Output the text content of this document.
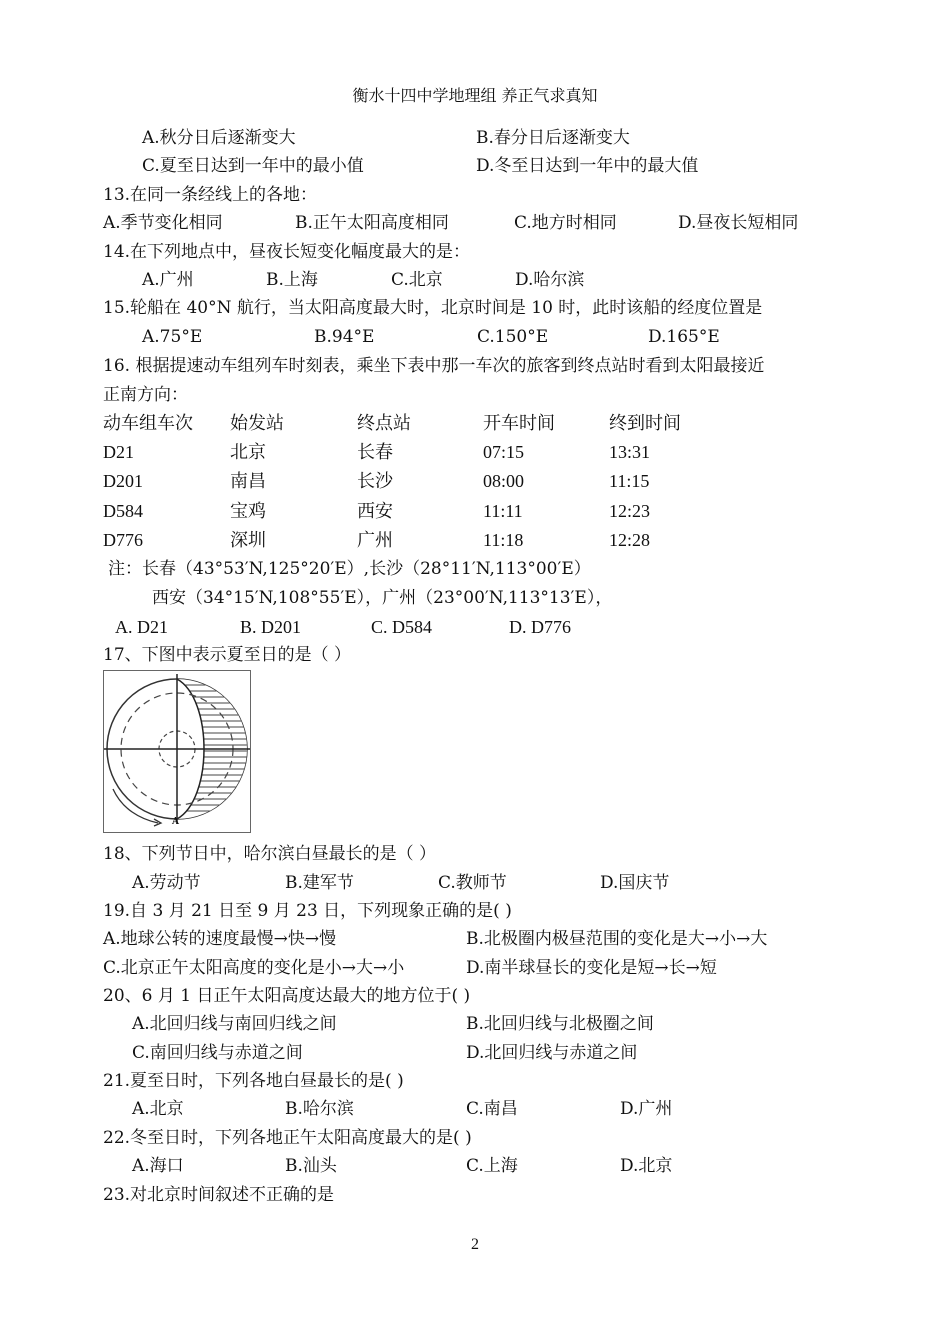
衡水十四中学地理组 养正气求真知
A.秋分日后逐渐变大	B.春分日后逐渐变大
C.夏至日达到一年中的最小值	D.冬至日达到一年中的最大值
13.在同一条经线上的各地：
A.季节变化相同	B.正午太阳高度相同	C.地方时相同	D.昼夜长短相同
14.在下列地点中，昼夜长短变化幅度最大的是：
A.广州	B.上海	C.北京	D.哈尔滨
15.轮船在 40°N 航行，当太阳高度最大时，北京时间是 10 时，此时该船的经度位置是
A.75°E	B.94°E	C.150°E	D.165°E
16. 根据提速动车组列车时刻表，乘坐下表中那一车次的旅客到终点站时看到太阳最接近
正南方向：
动车组车次 始发站	终点站	开车时间	终到时间
D21	北京	长春	07:15	13:31
D201	南昌	长沙	08:00	11:15
D584	宝鸡	西安	11:11	12:23
D776	深圳	广州	11:18	12:28
注：长春（43°53′N,125°20′E）,长沙（28°11′N,113°00′E）
西安（34°15′N,108°55′E），广州（23°00′N,113°13′E），
A. D21	B. D201	C. D584	D. D776
17、下图中表示夏至日的是（ ）
A
18、下列节日中，哈尔滨白昼最长的是（ ）
A.劳动节	B.建军节	C.教师节	D.国庆节
19.自 3 月 21 日至 9 月 23 日，下列现象正确的是( )
A.地球公转的速度最慢→快→慢	B.北极圈内极昼范围的变化是大→小→大
C.北京正午太阳高度的变化是小→大→小	D.南半球昼长的变化是短→长→短
20、6 月 1 日正午太阳高度达最大的地方位于( )
A.北回归线与南回归线之间	B.北回归线与北极圈之间
C.南回归线与赤道之间	D.北回归线与赤道之间
21.夏至日时，下列各地白昼最长的是( )
A.北京	B.哈尔滨	C.南昌	D.广州
22.冬至日时，下列各地正午太阳高度最大的是( )
A.海口	B.汕头	C.上海	D.北京
23.对北京时间叙述不正确的是
2
